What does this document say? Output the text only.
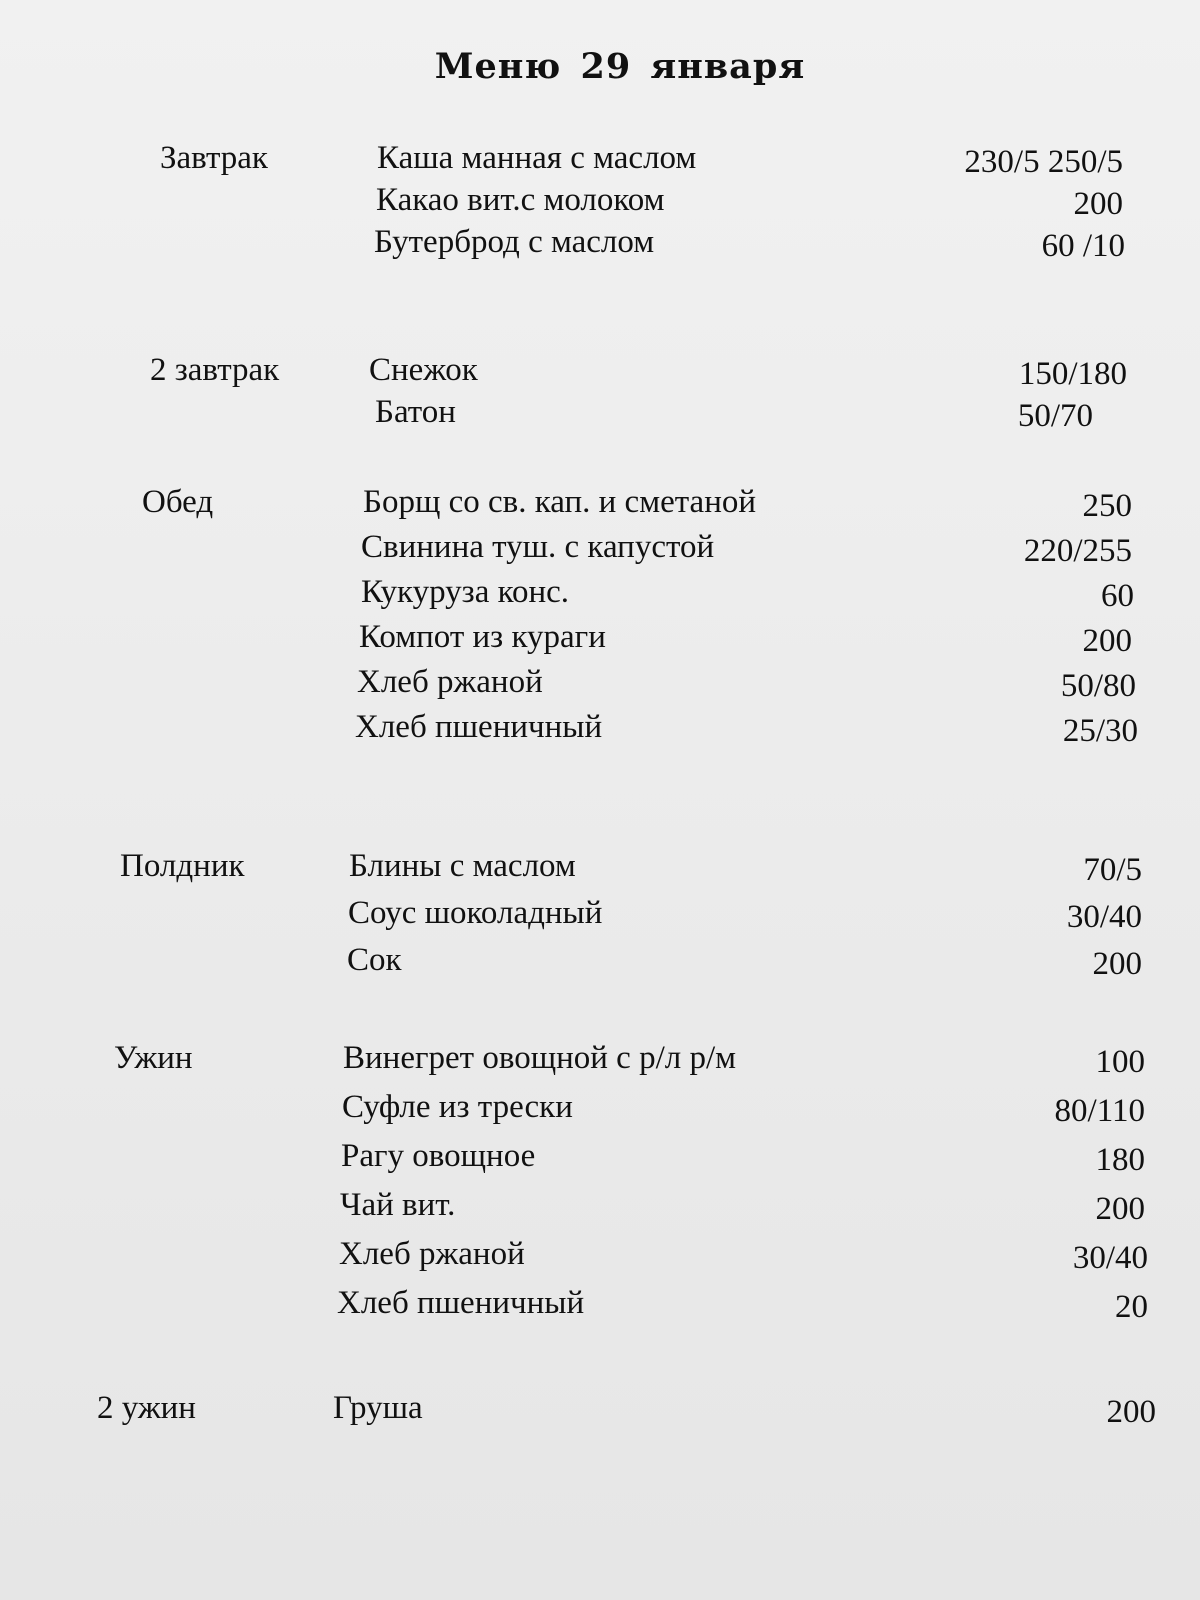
Меню 29 января
Завтрак	Каша манная с маслом	230/5 250/5
Какао вит.с молоком	200
Бутерброд с маслом	60 /10
2 завтрак	Снежок	150/180
Батон	50/70
Обед	Борщ со св. кап. и сметаной	250
Свинина туш. с капустой	220/255
Кукуруза конс.	60
Компот из кураги	200
Хлеб ржаной	50/80
Хлеб пшеничный	25/30
Полдник	Блины с маслом	70/5
Соус шоколадный	30/40
Сок	200
Ужин	Винегрет овощной с р/л р/м	100
Суфле из трески	80/110
Рагу овощное	180
Чай вит.	200
Хлеб ржаной	30/40
Хлеб пшеничный	20
2 ужин	Груша	200
